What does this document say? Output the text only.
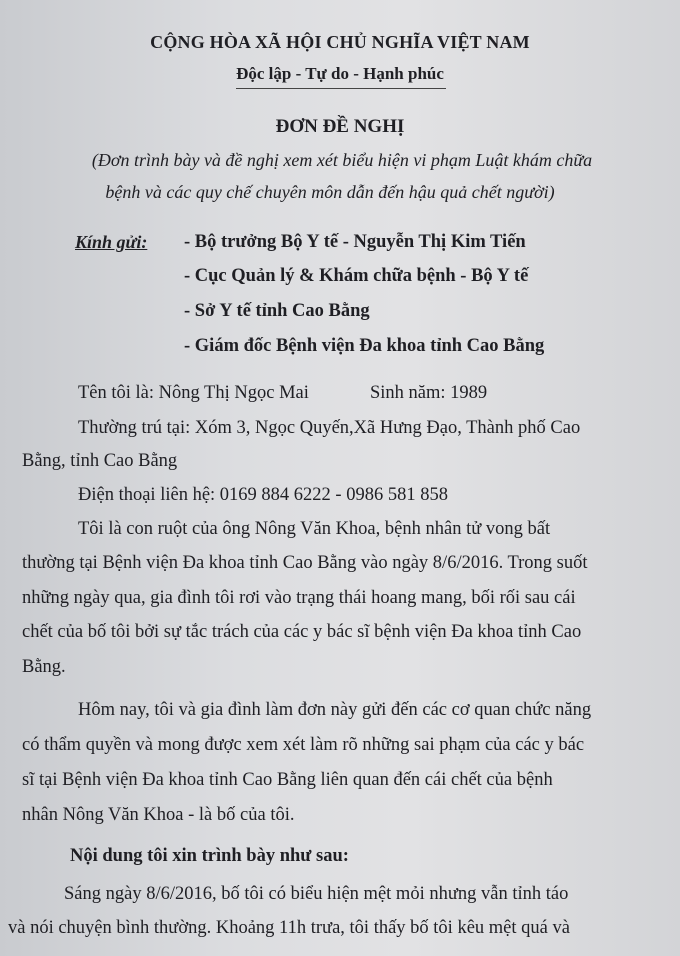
CỘNG HÒA XÃ HỘI CHỦ NGHĨA VIỆT NAM
Độc lập - Tự do - Hạnh phúc
ĐƠN ĐỀ NGHỊ
(Đơn trình bày và đề nghị xem xét biểu hiện vi phạm Luật khám chữa
bệnh và các quy chế chuyên môn dẫn đến hậu quả chết người)
Kính gửi: - Bộ trưởng Bộ Y tế - Nguyễn Thị Kim Tiến
- Cục Quản lý & Khám chữa bệnh - Bộ Y tế
- Sở Y tế tỉnh Cao Bằng
- Giám đốc Bệnh viện Đa khoa tỉnh Cao Bằng
Tên tôi là: Nông Thị Ngọc Mai	Sinh năm: 1989
Thường trú tại: Xóm 3, Ngọc Quyến,Xã Hưng Đạo, Thành phố Cao
Bằng, tỉnh Cao Bằng
Điện thoại liên hệ: 0169 884 6222 - 0986 581 858
Tôi là con ruột của ông Nông Văn Khoa, bệnh nhân tử vong bất
thường tại Bệnh viện Đa khoa tỉnh Cao Bằng vào ngày 8/6/2016. Trong suốt
những ngày qua, gia đình tôi rơi vào trạng thái hoang mang, bối rối sau cái
chết của bố tôi bởi sự tắc trách của các y bác sĩ bệnh viện Đa khoa tỉnh Cao
Bằng.
Hôm nay, tôi và gia đình làm đơn này gửi đến các cơ quan chức năng
có thẩm quyền và mong được xem xét làm rõ những sai phạm của các y bác
sĩ tại Bệnh viện Đa khoa tỉnh Cao Bằng liên quan đến cái chết của bệnh
nhân Nông Văn Khoa - là bố của tôi.
Nội dung tôi xin trình bày như sau:
Sáng ngày 8/6/2016, bố tôi có biểu hiện mệt mỏi nhưng vẫn tỉnh táo
và nói chuyện bình thường. Khoảng 11h trưa, tôi thấy bố tôi kêu mệt quá và
